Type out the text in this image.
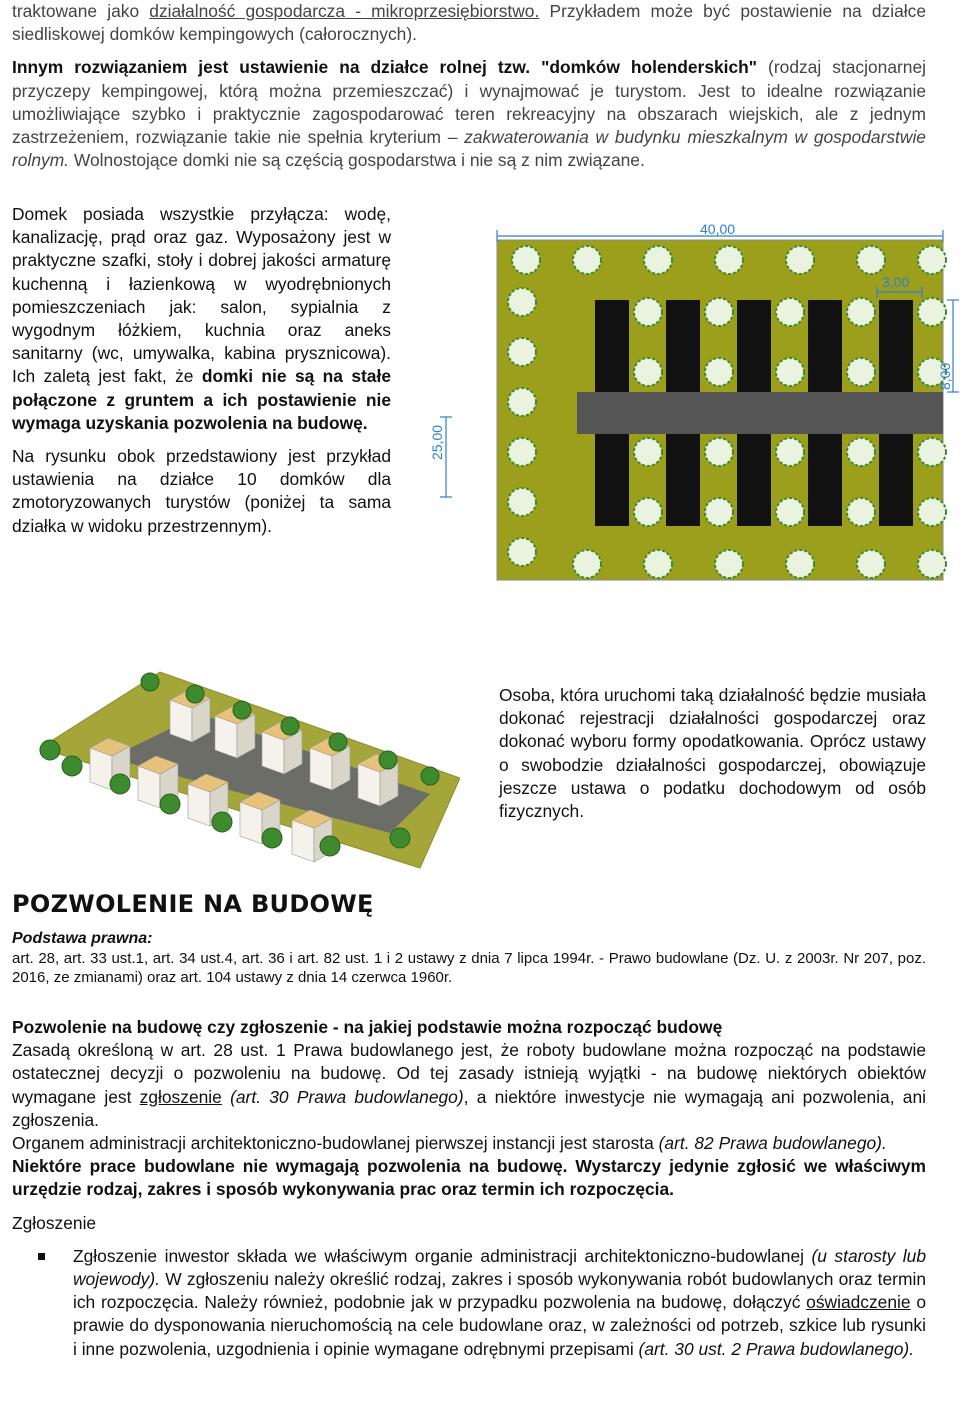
traktowane jako działalność gospodarcza - mikroprzesiębiorstwo. Przykładem może być postawienie na działce siedliskowej domków kempingowych (całorocznych).

Innym rozwiązaniem jest ustawienie na działce rolnej tzw. "domków holenderskich" (rodzaj stacjonarnej przyczepy kempingowej, którą można przemieszczać) i wynajmować je turystom. Jest to idealne rozwiązanie umożliwiające szybko i praktycznie zagospodarować teren rekreacyjny na obszarach wiejskich, ale z jednym zastrzeżeniem, rozwiązanie takie nie spełnia kryterium – zakwaterowania w budynku mieszkalnym w gospodarstwie rolnym. Wolnostojące domki nie są częścią gospodarstwa i nie są z nim związane.

Domek posiada wszystkie przyłącza: wodę, kanalizację, prąd oraz gaz. Wyposażony jest w praktyczne szafki, stoły i dobrej jakości armaturę kuchenną i łazienkową w wyodrębnionych pomieszczeniach jak: salon, sypialnia z wygodnym łóżkiem, kuchnia oraz aneks sanitarny (wc, umywalka, kabina prysznicowa). Ich zaletą jest fakt, że domki nie są na stałe połączone z gruntem a ich postawienie nie wymaga uzyskania pozwolenia na budowę.

Na rysunku obok przedstawiony jest przykład ustawienia na działce 10 domków dla zmotoryzowanych turystów (poniżej ta sama działka w widoku przestrzennym).

40,00
3,00
8,00
25,00

Osoba, która uruchomi taką działalność będzie musiała dokonać rejestracji działalności gospodarczej oraz dokonać wyboru formy opodatkowania. Oprócz ustawy o swobodzie działalności gospodarczej, obowiązuje jeszcze ustawa o podatku dochodowym od osób fizycznych.

POZWOLENIE NA BUDOWĘ
Podstawa prawna:

art. 28, art. 33 ust.1, art. 34 ust.4, art. 36 i art. 82 ust. 1 i 2 ustawy z dnia 7 lipca 1994r. - Prawo budowlane (Dz. U. z 2003r. Nr 207, poz. 2016, ze zmianami) oraz art. 104 ustawy z dnia 14 czerwca 1960r.

Pozwolenie na budowę czy zgłoszenie - na jakiej podstawie można rozpocząć budowę

Zasadą określoną w art. 28 ust. 1 Prawa budowlanego jest, że roboty budowlane można rozpocząć na podstawie ostatecznej decyzji o pozwoleniu na budowę. Od tej zasady istnieją wyjątki - na budowę niektórych obiektów wymagane jest zgłoszenie (art. 30 Prawa budowlanego), a niektóre inwestycje nie wymagają ani pozwolenia, ani zgłoszenia.

Organem administracji architektoniczno-budowlanej pierwszej instancji jest starosta (art. 82 Prawa budowlanego).

Niektóre prace budowlane nie wymagają pozwolenia na budowę. Wystarczy jedynie zgłosić we właściwym urzędzie rodzaj, zakres i sposób wykonywania prac oraz termin ich rozpoczęcia.

Zgłoszenie

Zgłoszenie inwestor składa we właściwym organie administracji architektoniczno-budowlanej (u starosty lub wojewody). W zgłoszeniu należy określić rodzaj, zakres i sposób wykonywania robót budowlanych oraz termin ich rozpoczęcia. Należy również, podobnie jak w przypadku pozwolenia na budowę, dołączyć oświadczenie o prawie do dysponowania nieruchomością na cele budowlane oraz, w zależności od potrzeb, szkice lub rysunki i inne pozwolenia, uzgodnienia i opinie wymagane odrębnymi przepisami (art. 30 ust. 2 Prawa budowlanego).
